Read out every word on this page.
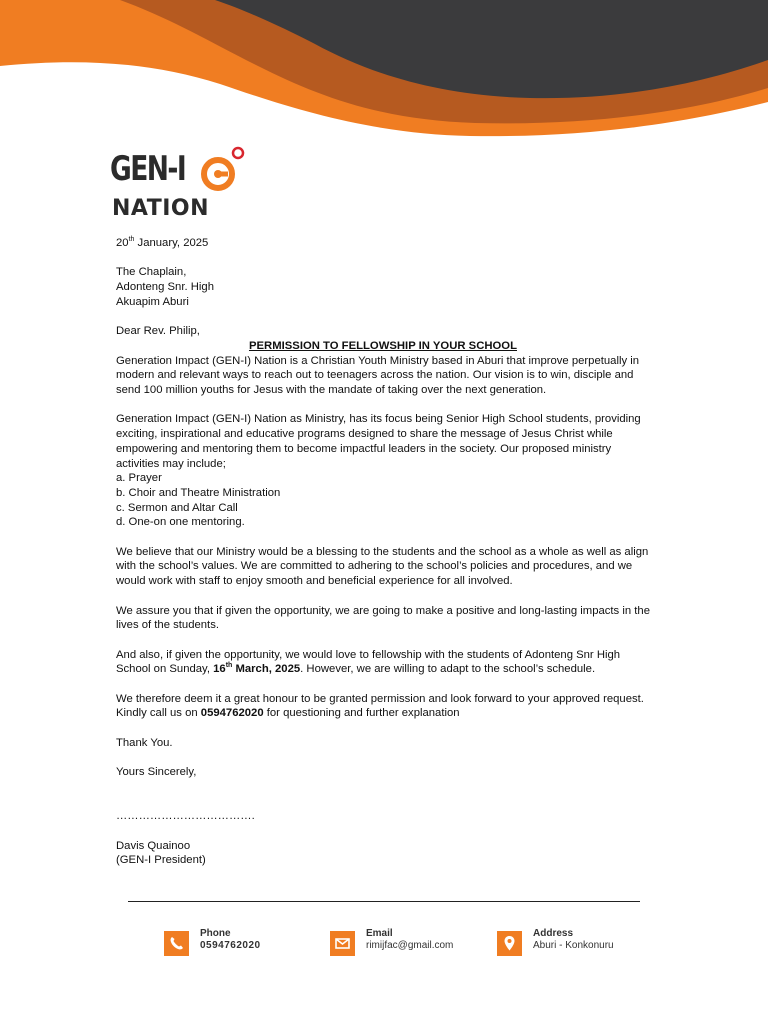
GEN-I
NATION

20th January, 2025

The Chaplain,

Adonteng Snr. High

Akuapim Aburi

Dear Rev. Philip,

PERMISSION TO FELLOWSHIP IN YOUR SCHOOL

Generation Impact (GEN-I) Nation is a Christian Youth Ministry based in Aburi that improve perpetually in modern and relevant ways to reach out to teenagers across the nation. Our vision is to win, disciple and send 100 million youths for Jesus with the mandate of taking over the next generation.

Generation Impact (GEN-I) Nation as Ministry, has its focus being Senior High School students, providing exciting, inspirational and educative programs designed to share the message of Jesus Christ while empowering and mentoring them to become impactful leaders in the society. Our proposed ministry activities may include;

a. Prayer

b. Choir and Theatre Ministration

c. Sermon and Altar Call

d. One-on one mentoring.

We believe that our Ministry would be a blessing to the students and the school as a whole as well as align with the school’s values. We are committed to adhering to the school’s policies and procedures, and we would work with staff to enjoy smooth and beneficial experience for all involved.

We assure you that if given the opportunity, we are going to make a positive and long-lasting impacts in the lives of the students.

And also, if given the opportunity, we would love to fellowship with the students of Adonteng Snr High School on Sunday, 16th March, 2025. However, we are willing to adapt to the school’s schedule.

We therefore deem it a great honour to be granted permission and look forward to your approved request. Kindly call us on 0594762020 for questioning and further explanation

Thank You.

Yours Sincerely,

……………………………….

Davis Quainoo

(GEN-I President)

Phone
0594762020
Email
rimijfac@gmail.com
Address
Aburi - Konkonuru
